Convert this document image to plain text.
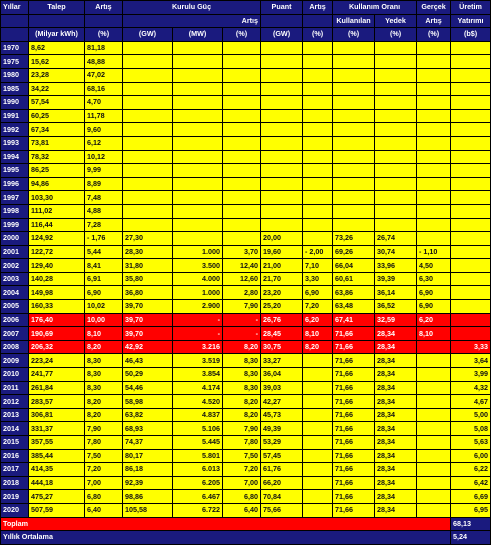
Yıllar	Talep	Artış	Kurulu Güç			Puant	Artış	Kullanım Oranı		Gerçek	Üretim
			Artış					Kullanılan	Yedek	Artış	Yatırımı
	(Milyar kWh)	(%)	(GW)	(MW)	(%)	(GW)	(%)	(%)	(%)	(%)	(b$)
1970	8,62	81,18									
1975	15,62	48,88									
1980	23,28	47,02									
1985	34,22	68,16									
1990	57,54	4,70									
1991	60,25	11,78									
1992	67,34	9,60									
1993	73,81	6,12									
1994	78,32	10,12									
1995	86,25	9,99									
1996	94,86	8,89									
1997	103,30	7,48									
1998	111,02	4,88									
1999	116,44	7,28									
2000	124,92	- 1,76	27,30			20,00		73,26	26,74		
2001	122,72	5,44	28,30	1.000	3,70	19,60	- 2,00	69,26	30,74	- 1,10	
2002	129,40	8,41	31,80	3.500	12,40	21,00	7,10	66,04	33,96	4,50	
2003	140,28	6,91	35,80	4.000	12,60	21,70	3,30	60,61	39,39	6,30	
2004	149,98	6,90	36,80	1.000	2,80	23,20	6,90	63,86	36,14	6,90	
2005	160,33	10,02	39,70	2.900	7,90	25,20	7,20	63,48	36,52	6,90	
2006	176,40	10,00	39,70	-	-	26,76	6,20	67,41	32,59	6,20	
2007	190,69	8,10	39,70	-	-	28,45	8,10	71,66	28,34	8,10	
2008	206,32	8,20	42,92	3.216	8,20	30,75	8,20	71,66	28,34		3,33
2009	223,24	8,30	46,43	3.519	8,30	33,27		71,66	28,34		3,64
2010	241,77	8,30	50,29	3.854	8,30	36,04		71,66	28,34		3,99
2011	261,84	8,30	54,46	4.174	8,30	39,03		71,66	28,34		4,32
2012	283,57	8,20	58,98	4.520	8,20	42,27		71,66	28,34		4,67
2013	306,81	8,20	63,82	4.837	8,20	45,73		71,66	28,34		5,00
2014	331,37	7,90	68,93	5.106	7,90	49,39		71,66	28,34		5,08
2015	357,55	7,80	74,37	5.445	7,80	53,29		71,66	28,34		5,63
2016	385,44	7,50	80,17	5.801	7,50	57,45		71,66	28,34		6,00
2017	414,35	7,20	86,18	6.013	7,20	61,76		71,66	28,34		6,22
2018	444,18	7,00	92,39	6.205	7,00	66,20		71,66	28,34		6,42
2019	475,27	6,80	98,86	6.467	6,80	70,84		71,66	28,34		6,69
2020	507,59	6,40	105,58	6.722	6,40	75,66		71,66	28,34		6,95
Toplam											68,13
Yıllık Ortalama											5,24
